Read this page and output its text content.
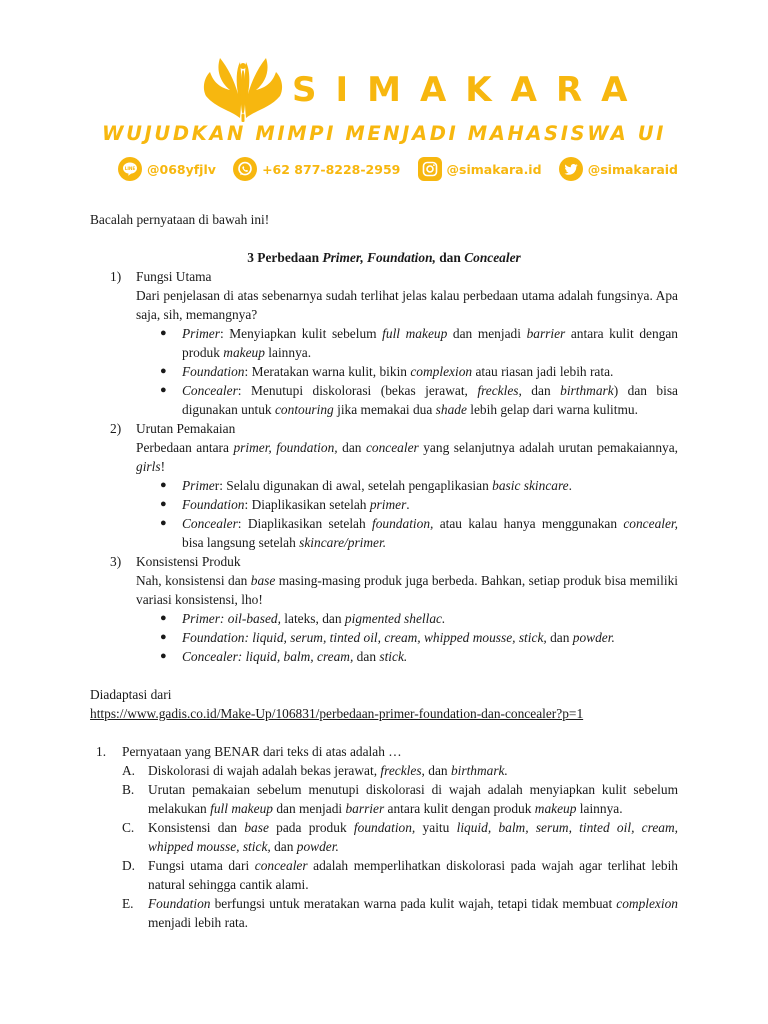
SIMAKARA
WUJUDKAN MIMPI MENJADI MAHASISWA UI
LINE @068yfjlv	+62 877-8228-2959	@simakara.id	@simakaraid

Bacalah pernyataan di bawah ini!

3 Perbedaan Primer, Foundation, dan Concealer

1)	Fungsi Utama
Dari penjelasan di atas sebenarnya sudah terlihat jelas kalau perbedaan utama adalah fungsinya. Apa saja, sih, memangnya?
●	Primer: Menyiapkan kulit sebelum full makeup dan menjadi barrier antara kulit dengan produk makeup lainnya.
●	Foundation: Meratakan warna kulit, bikin complexion atau riasan jadi lebih rata.
●	Concealer: Menutupi diskolorasi (bekas jerawat, freckles, dan birthmark) dan bisa digunakan untuk contouring jika memakai dua shade lebih gelap dari warna kulitmu.
2)	Urutan Pemakaian
Perbedaan antara primer, foundation, dan concealer yang selanjutnya adalah urutan pemakaiannya, girls!
●	Primer: Selalu digunakan di awal, setelah pengaplikasian basic skincare.
●	Foundation: Diaplikasikan setelah primer.
●	Concealer: Diaplikasikan setelah foundation, atau kalau hanya menggunakan concealer, bisa langsung setelah skincare/primer.
3)	Konsistensi Produk
Nah, konsistensi dan base masing-masing produk juga berbeda. Bahkan, setiap produk bisa memiliki variasi konsistensi, lho!
●	Primer: oil-based, lateks, dan pigmented shellac.
●	Foundation: liquid, serum, tinted oil, cream, whipped mousse, stick, dan powder.
●	Concealer: liquid, balm, cream, dan stick.

Diadaptasi dari

https://www.gadis.co.id/Make-Up/106831/perbedaan-primer-foundation-dan-concealer?p=1

1.	Pernyataan yang BENAR dari teks di atas adalah …
A. Diskolorasi di wajah adalah bekas jerawat, freckles, dan birthmark.
B.	Urutan pemakaian sebelum menutupi diskolorasi di wajah adalah menyiapkan kulit sebelum melakukan full makeup dan menjadi barrier antara kulit dengan produk makeup lainnya.
C.	Konsistensi dan base pada produk foundation, yaitu liquid, balm, serum, tinted oil, cream, whipped mousse, stick, dan powder.
D. Fungsi utama dari concealer adalah memperlihatkan diskolorasi pada wajah agar terlihat lebih natural sehingga cantik alami.
E.	Foundation berfungsi untuk meratakan warna pada kulit wajah, tetapi tidak membuat complexion menjadi lebih rata.
